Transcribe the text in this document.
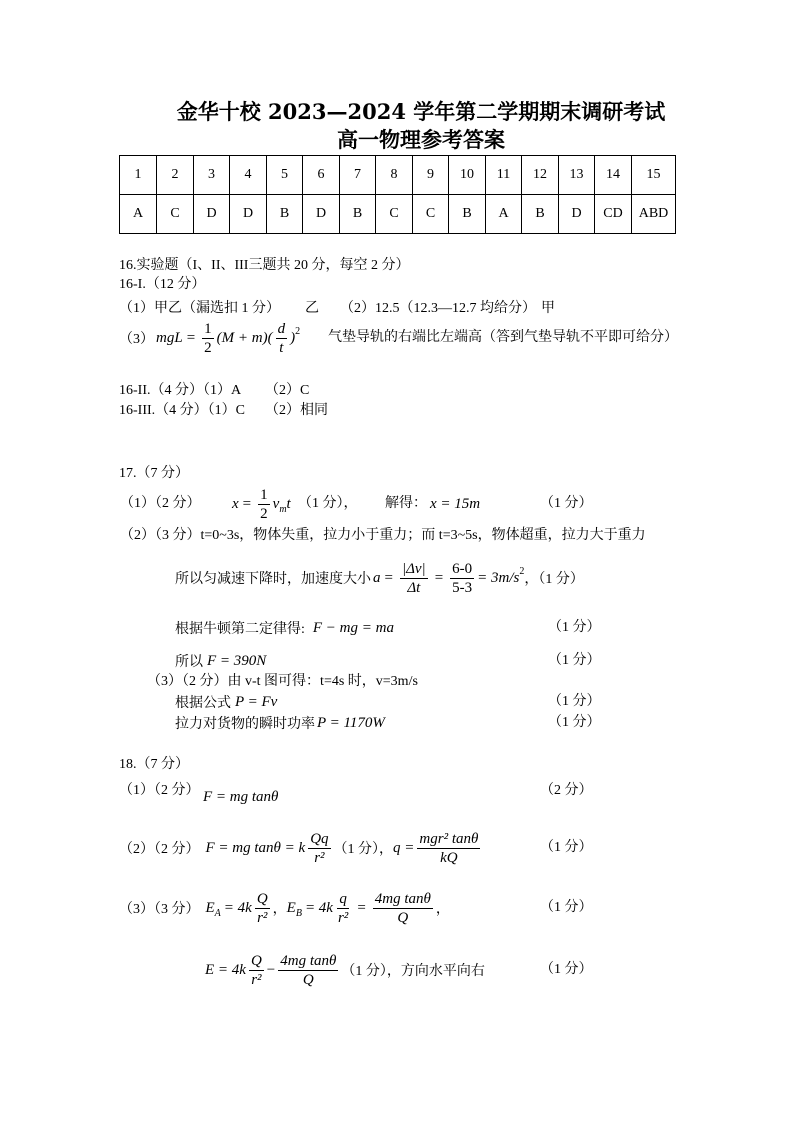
金华十校 2023—2024 学年第二学期期末调研考试
高一物理参考答案
1	2	3	4	5	6	7	8	9	10	11	12	13	14	15
A	C	D	D	B	D	B	C	C	B	A	B	D	CD	ABD
16.实验题（I、II、III三题共 20 分，每空 2 分）
16-I.（12 分）
（1）甲乙（漏选扣 1 分） 乙 （2）12.5（12.3—12.7 均给分） 甲
（3） mgL = $\frac{1}{2} (M + m)( \frac{d}{t}$ ) 2 气垫导轨的右端比左端高（答到气垫导轨不平即可给分）
16-II.（4 分）（1）A （2）C
16-III.（4 分）（1）C （2）相同
17.（7 分）
（1）（2 分） $x = \frac{1}{2}$ v m t （1 分）， 解得： x = 15m	（1 分）
（2）（3 分）t=0~3s，物体失重，拉力小于重力；而 t=3~5s，物体超重，拉力大于重力
所以匀减速下降时，加速度大小 $a = \frac{|\Delta v|}{\Delta t} = \frac{6-0}{5-3} = 3m/s$ 2
，（1 分）
根据牛顿第二定律得: F − mg = ma	（1 分）
所以 F = 390N	（1 分）
（3）（2 分）由 v-t 图可得：t=4s 时，v=3m/s
根据公式 P = Fv	（1 分）
拉力对货物的瞬时功率 P = 1170W	（1 分）
18.（7 分）
（1）（2 分） F = mg tanθ	（2 分）
（2）（2 分） F = mg tanθ = k $\frac{Qq}{\text{r²}} (1$ 分）， $q = \frac{\text{mgr² tanθ}}{kQ}$	（1 分）
（3）（3 分） E $A = 4k \frac{Q}{\text{r²}}$ ， E $B = 4k \frac{q}{\text{r²}} = \frac{\text{4mg tanθ}}{Q}$ ，	（1 分）
$E = 4k \frac{Q}{\text{r²}} - \frac{\text{4mg tanθ}}{Q} (1$ 分），方向水平向右	（1 分）
